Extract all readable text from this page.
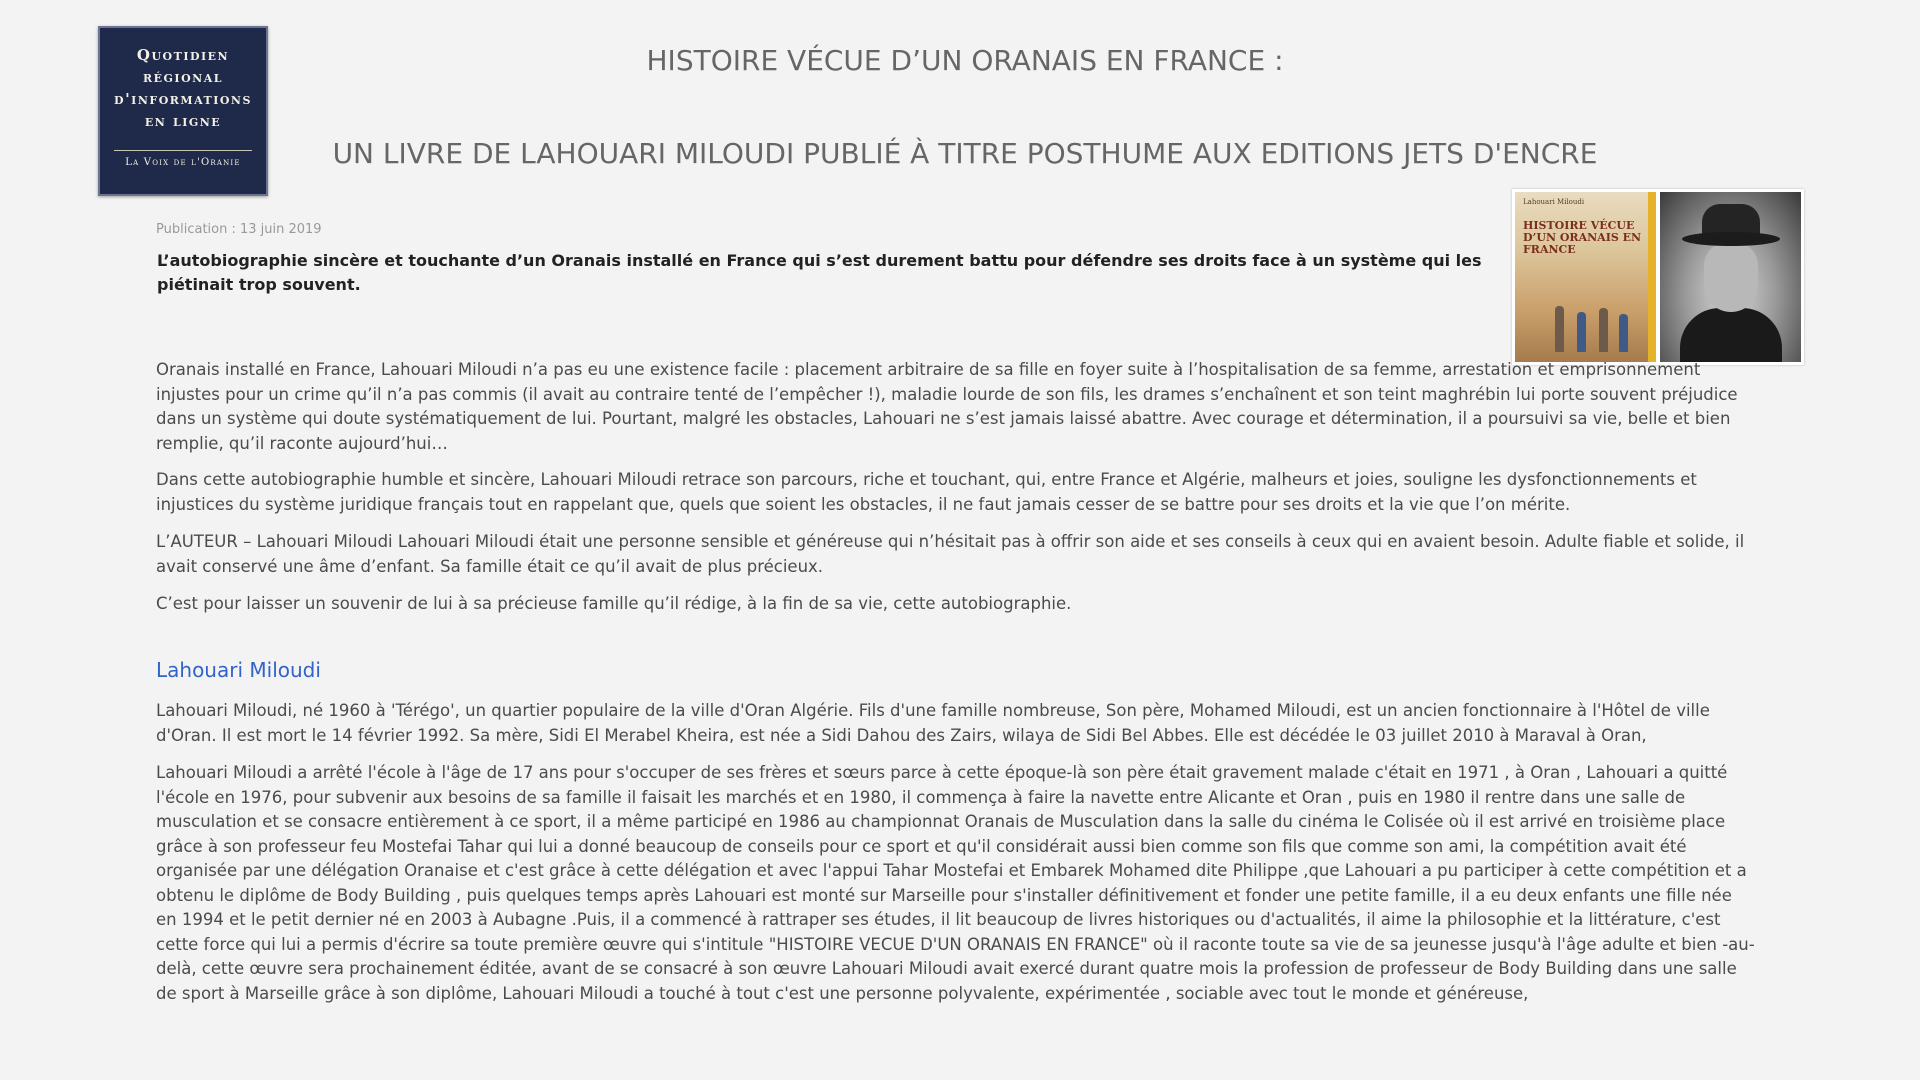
Quotidien
régional
d'informations
en ligne
La Voix de l'Oranie
HISTOIRE VÉCUE D’UN ORANAIS EN FRANCE :
UN LIVRE DE LAHOUARI MILOUDI PUBLIÉ À TITRE POSTHUME AUX EDITIONS JETS D'ENCRE
Lahouari Miloudi
HISTOIRE VÉCUE D’UN ORANAIS EN FRANCE

Publication : 13 juin 2019

L’autobiographie sincère et touchante d’un Oranais installé en France qui s’est durement battu pour défendre ses droits face à un système qui les piétinait trop souvent.

Oranais installé en France, Lahouari Miloudi n’a pas eu une existence facile : placement arbitraire de sa fille en foyer suite à l’hospitalisation de sa femme, arrestation et emprisonnement injustes pour un crime qu’il n’a pas commis (il avait au contraire tenté de l’empêcher !), maladie lourde de son fils, les drames s’enchaînent et son teint maghrébin lui porte souvent préjudice dans un système qui doute systématiquement de lui. Pourtant, malgré les obstacles, Lahouari ne s’est jamais laissé abattre. Avec courage et détermination, il a poursuivi sa vie, belle et bien remplie, qu’il raconte aujourd’hui…

Dans cette autobiographie humble et sincère, Lahouari Miloudi retrace son parcours, riche et touchant, qui, entre France et Algérie, malheurs et joies, souligne les dysfonctionnements et injustices du système juridique français tout en rappelant que, quels que soient les obstacles, il ne faut jamais cesser de se battre pour ses droits et la vie que l’on mérite.

L’AUTEUR – Lahouari Miloudi Lahouari Miloudi était une personne sensible et généreuse qui n’hésitait pas à offrir son aide et ses conseils à ceux qui en avaient besoin. Adulte fiable et solide, il avait conservé une âme d’enfant. Sa famille était ce qu’il avait de plus précieux.

C’est pour laisser un souvenir de lui à sa précieuse famille qu’il rédige, à la fin de sa vie, cette autobiographie.

Lahouari Miloudi

Lahouari Miloudi, né 1960 à 'Térégo', un quartier populaire de la ville d'Oran Algérie. Fils d'une famille nombreuse, Son père, Mohamed Miloudi, est un ancien fonctionnaire à l'Hôtel de ville d'Oran. Il est mort le 14 février 1992. Sa mère, Sidi El Merabel Kheira, est née a Sidi Dahou des Zairs, wilaya de Sidi Bel Abbes. Elle est décédée le 03 juillet 2010 à Maraval à Oran,

Lahouari Miloudi a arrêté l'école à l'âge de 17 ans pour s'occuper de ses frères et sœurs parce à cette époque-là son père était gravement malade c'était en 1971 , à Oran , Lahouari a quitté l'école en 1976, pour subvenir aux besoins de sa famille il faisait les marchés et en 1980, il commença à faire la navette entre Alicante et Oran , puis en 1980 il rentre dans une salle de musculation et se consacre entièrement à ce sport, il a même participé en 1986 au championnat Oranais de Musculation dans la salle du cinéma le Colisée où il est arrivé en troisième place grâce à son professeur feu Mostefai Tahar qui lui a donné beaucoup de conseils pour ce sport et qu'il considérait aussi bien comme son fils que comme son ami, la compétition avait été organisée par une délégation Oranaise et c'est grâce à cette délégation et avec l'appui Tahar Mostefai et Embarek Mohamed dite Philippe ,que Lahouari a pu participer à cette compétition et a obtenu le diplôme de Body Building , puis quelques temps après Lahouari est monté sur Marseille pour s'installer définitivement et fonder une petite famille, il a eu deux enfants une fille née en 1994 et le petit dernier né en 2003 à Aubagne .Puis, il a commencé à rattraper ses études, il lit beaucoup de livres historiques ou d'actualités, il aime la philosophie et la littérature, c'est cette force qui lui a permis d'écrire sa toute première œuvre qui s'intitule "HISTOIRE VECUE D'UN ORANAIS EN FRANCE" où il raconte toute sa vie de sa jeunesse jusqu'à l'âge adulte et bien -au-delà, cette œuvre sera prochainement éditée, avant de se consacré à son œuvre Lahouari Miloudi avait exercé durant quatre mois la profession de professeur de Body Building dans une salle de sport à Marseille grâce à son diplôme, Lahouari Miloudi a touché à tout c'est une personne polyvalente, expérimentée , sociable avec tout le monde et généreuse,
